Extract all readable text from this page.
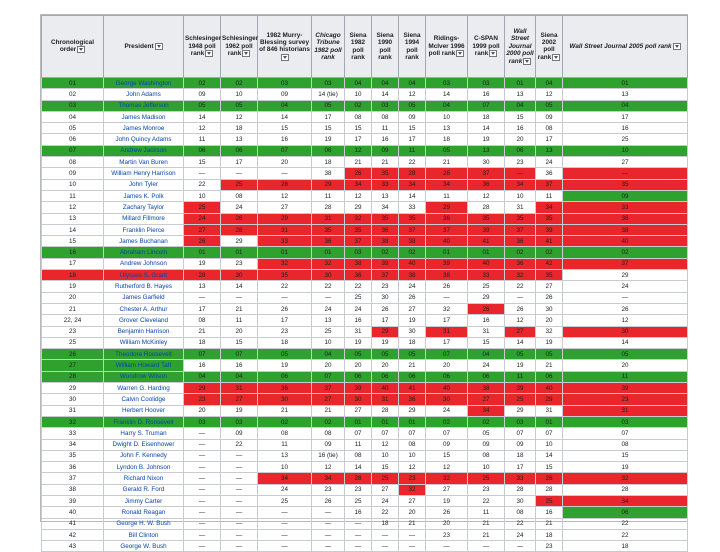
Chronological order	President	Schlesinger 1948 poll rank	Schlesinger 1962 poll rank	1982 Murry-Blessing survey of 846 historians	Chicago Tribune 1982 poll rank	Siena 1982 poll rank	Siena 1990 poll rank	Siena 1994 poll rank	Ridings-McIver 1996 poll rank	C-SPAN 1999 poll rank	Wall Street Journal 2000 poll rank	Siena 2002 poll rank	Wall Street Journal 2005 poll rank
01	George Washington	02	02	03	03	04	04	04	03	03	01	04	01
02	John Adams	09	10	09	14 (tie)	10	14	12	14	16	13	12	13
03	Thomas Jefferson	05	05	04	05	02	03	05	04	07	04	05	04
04	James Madison	14	12	14	17	08	08	09	10	18	15	09	17
05	James Monroe	12	18	15	15	15	11	15	13	14	16	08	16
06	John Quincy Adams	11	13	16	19	17	16	17	18	19	20	17	25
07	Andrew Jackson	06	06	07	06	12	09	11	05	13	06	13	10
08	Martin Van Buren	15	17	20	18	21	21	22	21	30	23	24	27
09	William Henry Harrison	—	—	—	38	26	35	28	26	37	—	36	—
10	John Tyler	22	25	28	29	34	33	34	34	36	34	37	35
11	James K. Polk	10	08	12	11	12	13	14	11	12	10	11	09
12	Zachary Taylor	25	24	27	28	29	34	33	29	28	31	34	33
13	Millard Fillmore	24	26	29	31	32	35	35	36	35	35	35	36
14	Franklin Pierce	27	28	31	35	35	36	37	37	39	37	39	38
15	James Buchanan	26	29	33	36	37	38	38	40	41	36	41	40
16	Abraham Lincoln	01	01	01	01	03	02	02	01	01	02	02	02
17	Andrew Johnson	19	23	32	32	38	39	40	39	40	36	42	37
18	Ulysses S. Grant	28	30	35	30	36	37	38	38	33	32	35	29
19	Rutherford B. Hayes	13	14	22	22	22	23	24	26	25	22	27	24
20	James Garfield	—	—	—	—	25	30	26	—	29	—	26	—
21	Chester A. Arthur	17	21	26	24	24	26	27	32	26	26	30	26
22, 24	Grover Cleveland	08	11	17	13	16	17	19	17	16	12	20	12
23	Benjamin Harrison	21	20	23	25	31	29	30	31	31	27	32	30
25	William McKinley	18	15	18	10	19	19	18	17	15	14	19	14
26	Theodore Roosevelt	07	07	05	04	05	05	05	07	04	05	05	05
27	William Howard Taft	16	16	19	20	20	20	21	20	24	19	21	20
28	Woodrow Wilson	04	04	06	07	06	06	06	06	06	11	06	11
29	Warren G. Harding	29	31	36	37	39	40	41	40	38	39	40	39
30	Calvin Coolidge	23	27	30	27	30	31	36	30	27	25	29	23
31	Herbert Hoover	20	19	21	21	27	28	29	24	34	29	31	31
32	Franklin D. Roosevelt	03	03	02	02	01	01	01	02	02	03	01	03
33	Harry S. Truman	—	09	08	08	07	07	07	07	05	07	07	07
34	Dwight D. Eisenhower	—	22	11	09	11	12	08	09	09	09	10	08
35	John F. Kennedy	—	—	13	16 (tie)	08	10	10	15	08	18	14	15
36	Lyndon B. Johnson	—	—	10	12	14	15	12	12	10	17	15	19
37	Richard Nixon	—	—	34	34	28	25	23	32	25	33	26	32
38	Gerald R. Ford	—	—	24	23	23	27	32	27	23	28	28	28
39	Jimmy Carter	—	—	25	26	25	24	27	19	22	30	25	34
40	Ronald Reagan	—	—	—	—	16	22	20	26	11	08	16	06
41	George H. W. Bush	—	—	—	—	—	18	21	20	21	22	21	22
42	Bill Clinton	—	—	—	—	—	—	—	23	21	24	18	22
43	George W. Bush	—	—	—	—	—	—	—	—	—	—	23	18
